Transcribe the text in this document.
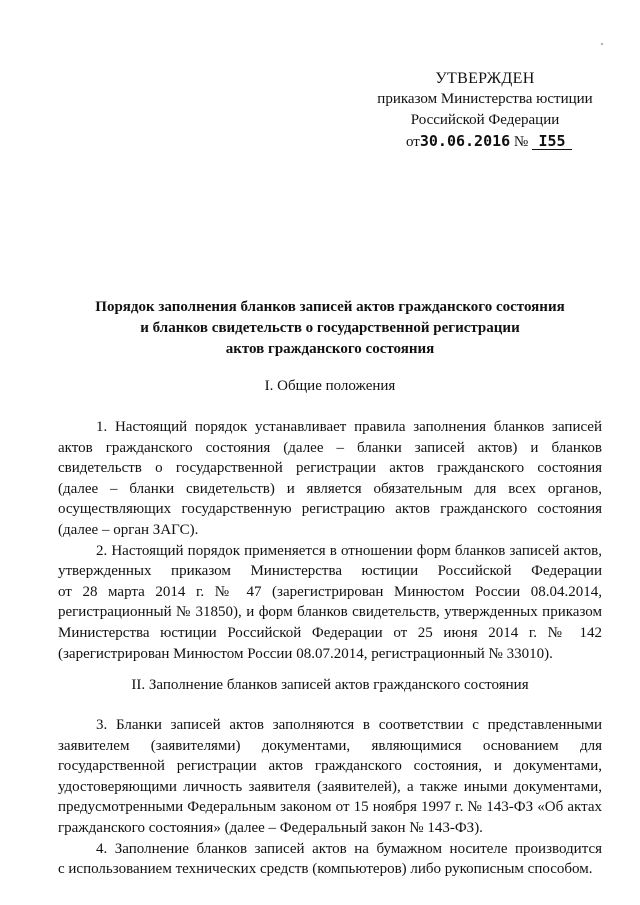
УТВЕРЖДЕН
приказом Министерства юстиции
Российской Федерации
от30.06.2016 № I55
Порядок заполнения бланков записей актов гражданского состояния
и бланков свидетельств о государственной регистрации
актов гражданского состояния
I. Общие положения
1. Настоящий порядок устанавливает правила заполнения бланков записей
актов гражданского состояния (далее – бланки записей актов) и бланков
свидетельств о государственной регистрации актов гражданского состояния
(далее – бланки свидетельств) и является обязательным для всех органов,
осуществляющих государственную регистрацию актов гражданского состояния
(далее – орган ЗАГС).
2. Настоящий порядок применяется в отношении форм бланков записей актов,
утвержденных приказом Министерства юстиции Российской Федерации
от 28 марта 2014 г. № 47 (зарегистрирован Минюстом России 08.04.2014,
регистрационный № 31850), и форм бланков свидетельств, утвержденных приказом
Министерства юстиции Российской Федерации от 25 июня 2014 г. № 142
(зарегистрирован Минюстом России 08.07.2014, регистрационный № 33010).
II. Заполнение бланков записей актов гражданского состояния
3. Бланки записей актов заполняются в соответствии с представленными
заявителем (заявителями) документами, являющимися основанием для
государственной регистрации актов гражданского состояния, и документами,
удостоверяющими личность заявителя (заявителей), а также иными документами,
предусмотренными Федеральным законом от 15 ноября 1997 г. № 143-ФЗ «Об актах
гражданского состояния» (далее – Федеральный закон № 143-ФЗ).
4. Заполнение бланков записей актов на бумажном носителе производится
с использованием технических средств (компьютеров) либо рукописным способом.
